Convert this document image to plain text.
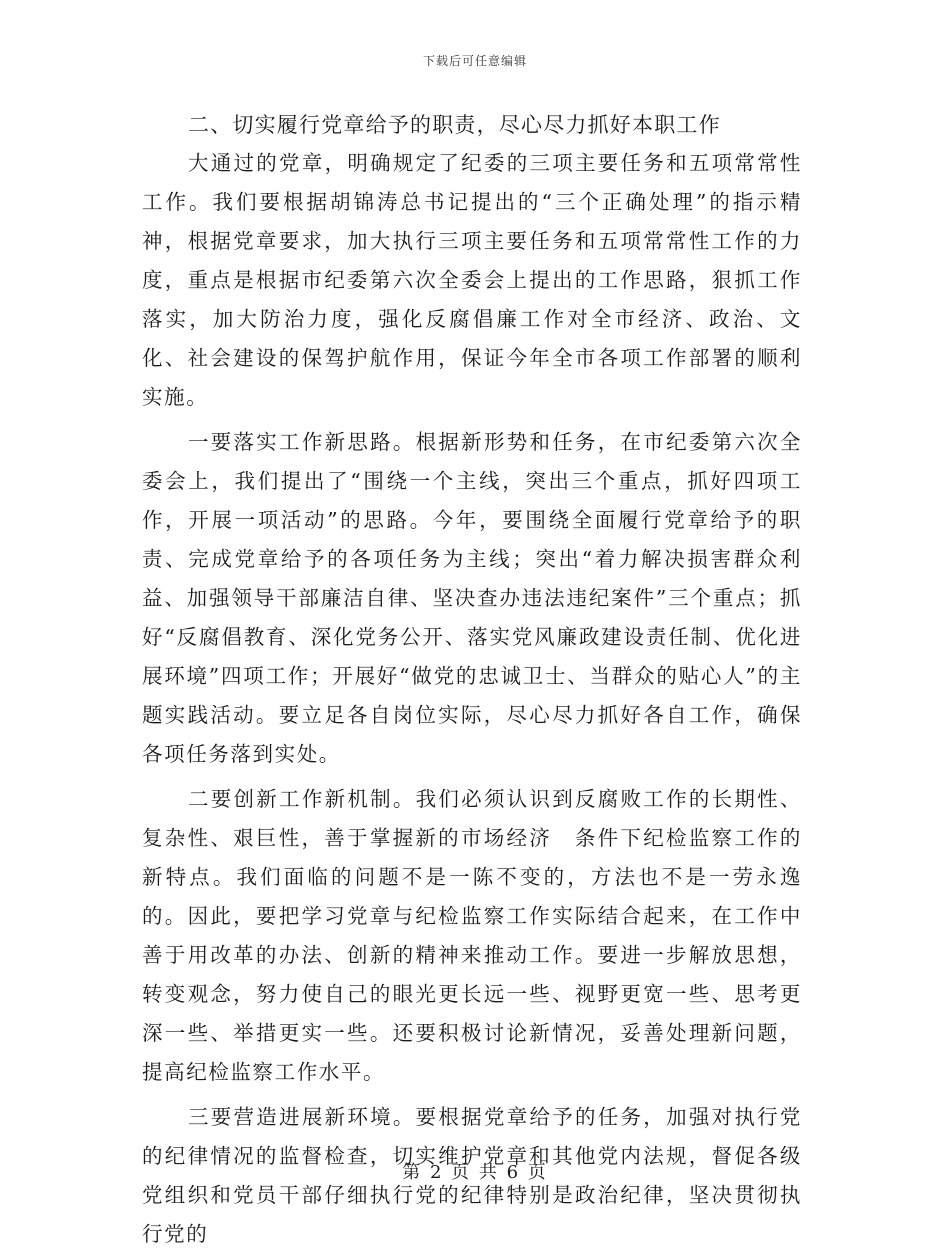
下载后可任意编辑

二、切实履行党章给予的职责，尽心尽力抓好本职工作

大通过的党章，明确规定了纪委的三项主要任务和五项常常性工作。我们要根据胡锦涛总书记提出的“三个正确处理”的指示精神，根据党章要求，加大执行三项主要任务和五项常常性工作的力度，重点是根据市纪委第六次全委会上提出的工作思路，狠抓工作落实，加大防治力度，强化反腐倡廉工作对全市经济、政治、文化、社会建设的保驾护航作用，保证今年全市各项工作部署的顺利实施。

一要落实工作新思路。根据新形势和任务，在市纪委第六次全委会上，我们提出了“围绕一个主线，突出三个重点，抓好四项工作，开展一项活动”的思路。今年，要围绕全面履行党章给予的职责、完成党章给予的各项任务为主线；突出“着力解决损害群众利益、加强领导干部廉洁自律、坚决查办违法违纪案件”三个重点；抓好“反腐倡教育、深化党务公开、落实党风廉政建设责任制、优化进展环境”四项工作；开展好“做党的忠诚卫士、当群众的贴心人”的主题实践活动。要立足各自岗位实际，尽心尽力抓好各自工作，确保各项任务落到实处。

二要创新工作新机制。我们必须认识到反腐败工作的长期性、复杂性、艰巨性，善于掌握新的市场经济　条件下纪检监察工作的新特点。我们面临的问题不是一陈不变的，方法也不是一劳永逸的。因此，要把学习党章与纪检监察工作实际结合起来，在工作中善于用改革的办法、创新的精神来推动工作。要进一步解放思想，转变观念，努力使自己的眼光更长远一些、视野更宽一些、思考更深一些、举措更实一些。还要积极讨论新情况，妥善处理新问题，提高纪检监察工作水平。

三要营造进展新环境。要根据党章给予的任务，加强对执行党的纪律情况的监督检查，切实维护党章和其他党内法规，督促各级党组织和党员干部仔细执行党的纪律特别是政治纪律，坚决贯彻执行党的

第 2 页 共 6 页
